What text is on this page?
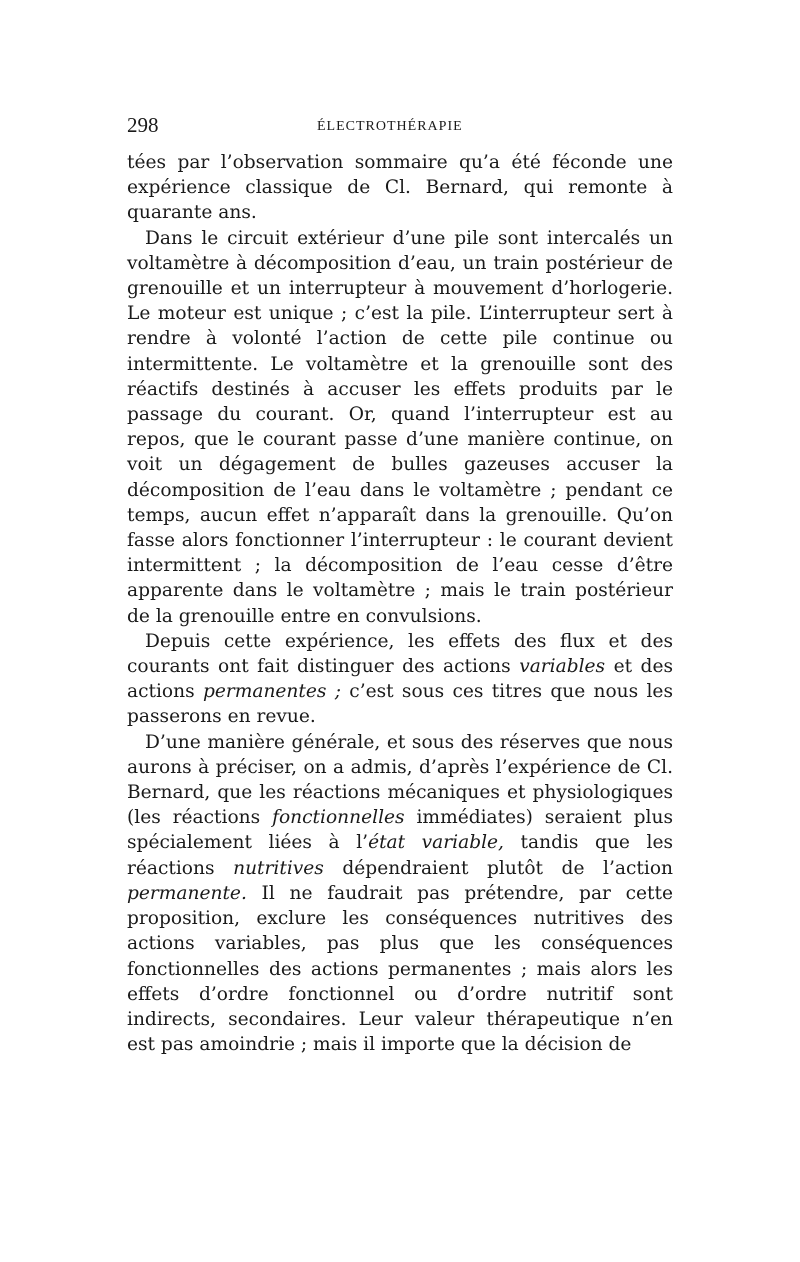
298	ÉLECTROTHÉRAPIE

tées par l’observation sommaire qu’a été féconde une expérience classique de Cl. Bernard, qui remonte à quarante ans.

Dans le circuit extérieur d’une pile sont intercalés un voltamètre à décomposition d’eau, un train postérieur de grenouille et un interrupteur à mouvement d’horlogerie. Le moteur est unique ; c’est la pile. L’interrupteur sert à rendre à volonté l’action de cette pile continue ou intermittente. Le voltamètre et la grenouille sont des réactifs destinés à accuser les effets produits par le passage du courant. Or, quand l’interrupteur est au repos, que le courant passe d’une manière continue, on voit un dégagement de bulles gazeuses accuser la décomposition de l’eau dans le voltamètre ; pendant ce temps, aucun effet n’apparaît dans la grenouille. Qu’on fasse alors fonctionner l’interrupteur : le courant devient intermittent ; la décomposition de l’eau cesse d’être apparente dans le voltamètre ; mais le train postérieur de la grenouille entre en convulsions.

Depuis cette expérience, les effets des flux et des courants ont fait distinguer des actions variables et des actions permanentes ; c’est sous ces titres que nous les passerons en revue.

D’une manière générale, et sous des réserves que nous aurons à préciser, on a admis, d’après l’expérience de Cl. Bernard, que les réactions mécaniques et physiologiques (les réactions fonctionnelles immédiates) seraient plus spécialement liées à l’état variable, tandis que les réactions nutritives dépendraient plutôt de l’action permanente. Il ne faudrait pas prétendre, par cette proposition, exclure les conséquences nutritives des actions variables, pas plus que les conséquences fonctionnelles des actions permanentes ; mais alors les effets d’ordre fonctionnel ou d’ordre nutritif sont indirects, secondaires. Leur valeur thérapeutique n’en est pas amoindrie ; mais il importe que la décision de
